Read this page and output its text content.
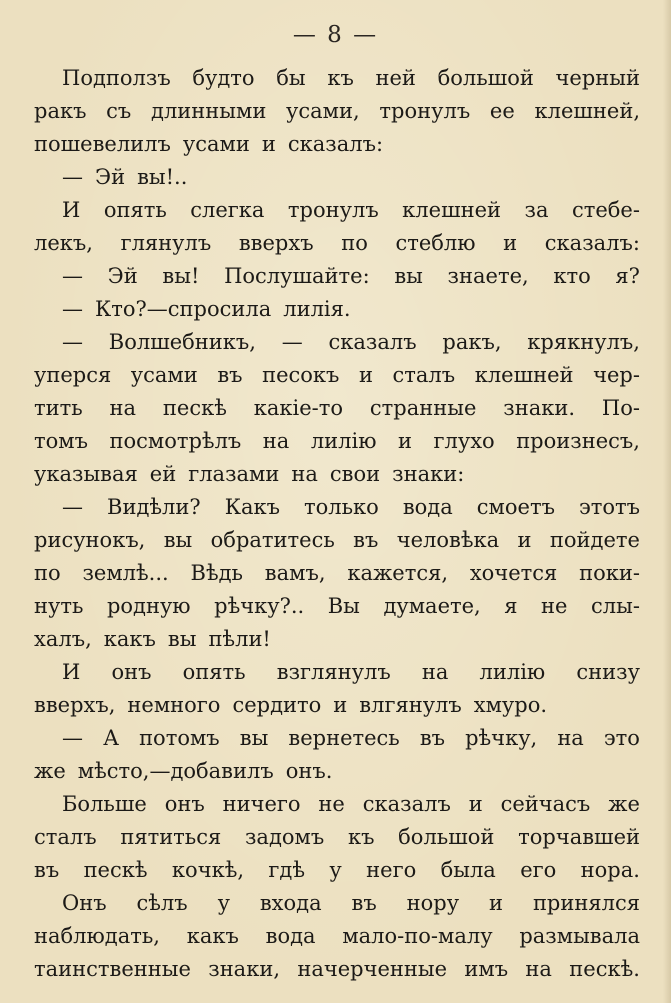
— 8 —
Подползъ будто бы къ ней большой черный
ракъ съ длинными усами, тронулъ ее клешней,
пошевелилъ усами и сказалъ:
— Эй вы!..
И опять слегка тронулъ клешней за стебе-
лекъ, глянулъ вверхъ по стеблю и сказалъ:
— Эй вы! Послушайте: вы знаете, кто я?
— Кто?—спросила лилія.
— Волшебникъ, — сказалъ ракъ, крякнулъ,
уперся усами въ песокъ и сталъ клешней чер-
тить на пескѣ какіе-то странные знаки. По-
томъ посмотрѣлъ на лилію и глухо произнесъ,
указывая ей глазами на свои знаки:
— Видѣли? Какъ только вода смоетъ этотъ
рисунокъ, вы обратитесь въ человѣка и пойдете
по землѣ... Вѣдь вамъ, кажется, хочется поки-
нуть родную рѣчку?.. Вы думаете, я не слы-
халъ, какъ вы пѣли!
И онъ опять взглянулъ на лилію снизу
вверхъ, немного сердито и влгянулъ хмуро.
— А потомъ вы вернетесь въ рѣчку, на это
же мѣсто,—добавилъ онъ.
Больше онъ ничего не сказалъ и сейчасъ же
сталъ пятиться задомъ къ большой торчавшей
въ пескѣ кочкѣ, гдѣ у него была его нора.
Онъ сѣлъ у входа въ нору и принялся
наблюдать, какъ вода мало-по-малу размывала
таинственные знаки, начерченные имъ на пескѣ.
